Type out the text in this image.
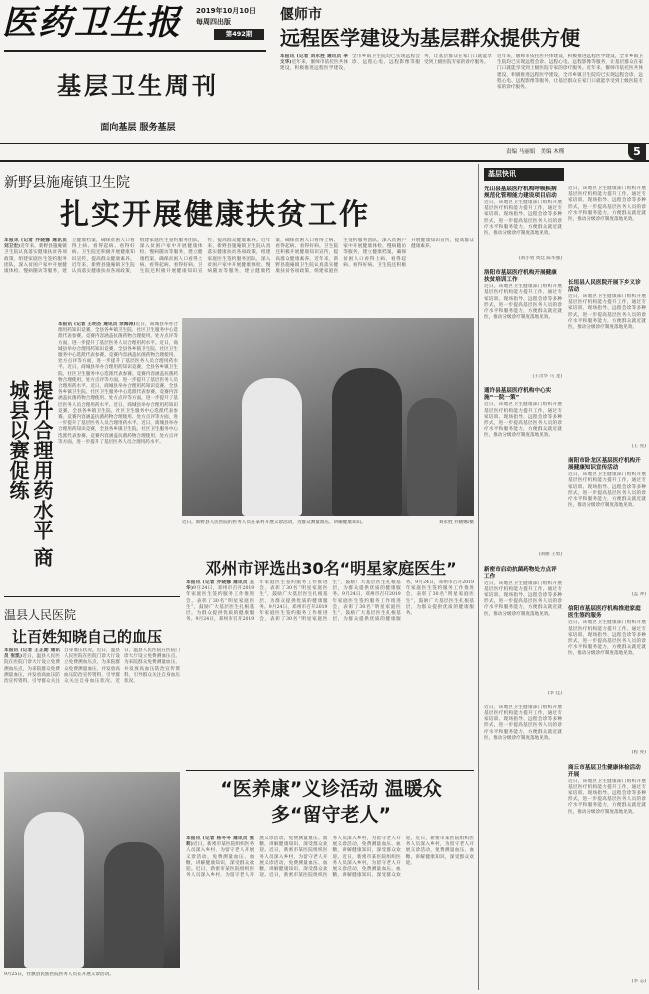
医药卫生报	2019年10月10日
每周四出版
第492期
基层卫生周刊
面向基层 服务基层
偃师市
远程医学建设为基层群众提供方便
本报讯 (记者 刘永胜 通讯员 李文华)近年来，偃师市依托医共体建设，积极推进远程医学建设，全市乡镇卫生院均已实现远程会诊、远程心电、远程影像等服务，让基层群众在家门口就能享受到上级医院专家的诊疗服务。
近年来，偃师市依托医共体建设，积极推进远程医学建设，全市乡镇卫生院均已实现远程会诊、远程心电、远程影像等服务，让基层群众在家门口就能享受到上级医院专家的诊疗服务。近年来，偃师市依托医共体建设，积极推进远程医学建设，全市乡镇卫生院均已实现远程会诊、远程心电、远程影像等服务，让基层群众在家门口就能享受到上级医院专家的诊疗服务。
责编 马丽娟 美编 木槿	5
新野县施庵镇卫生院
扎实开展健康扶贫工作
本报讯 (记者 乔晓娜 通讯员 刘卫宏)近年来，新野县施庵镇卫生院认真落实健康扶贫各项政策，组建家庭医生签约服务团队，深入贫困户家中开展健康体检、慢病随访等服务，建立健康档案，确保贫困人口看得上病、看得起病、看得好病。卫生院还积极开展健康知识宣传，提高群众健康素养。近年来，新野县施庵镇卫生院认真落实健康扶贫各项政策，组建家庭医生签约服务团队，深入贫困户家中开展健康体检、慢病随访等服务，建立健康档案，确保贫困人口看得上病、看得起病、看得好病。卫生院还积极开展健康知识宣传，提高群众健康素养。近年来，新野县施庵镇卫生院认真落实健康扶贫各项政策，组建家庭医生签约服务团队，深入贫困户家中开展健康体检、慢病随访等服务，建立健康档案，确保贫困人口看得上病、看得起病、看得好病。卫生院还积极开展健康知识宣传，提高群众健康素养。近年来，新野县施庵镇卫生院认真落实健康扶贫各项政策，组建家庭医生签约服务团队，深入贫困户家中开展健康体检、慢病随访等服务，建立健康档案，确保贫困人口看得上病、看得起病、看得好病。卫生院还积极开展健康知识宣传，提高群众健康素养。
提升合理用药水平 商城县以赛促练
本报讯 (记者 王明杰 通讯员 余海涛)近日，商城县举办合理用药知识竞赛，全县各乡镇卫生院、社区卫生服务中心选派代表参赛。竞赛内容涵盖抗菌药物合理使用、处方点评等方面，进一步提升了基层医务人员合理用药水平。近日，商城县举办合理用药知识竞赛，全县各乡镇卫生院、社区卫生服务中心选派代表参赛。竞赛内容涵盖抗菌药物合理使用、处方点评等方面，进一步提升了基层医务人员合理用药水平。近日，商城县举办合理用药知识竞赛，全县各乡镇卫生院、社区卫生服务中心选派代表参赛。竞赛内容涵盖抗菌药物合理使用、处方点评等方面，进一步提升了基层医务人员合理用药水平。近日，商城县举办合理用药知识竞赛，全县各乡镇卫生院、社区卫生服务中心选派代表参赛。竞赛内容涵盖抗菌药物合理使用、处方点评等方面，进一步提升了基层医务人员合理用药水平。近日，商城县举办合理用药知识竞赛，全县各乡镇卫生院、社区卫生服务中心选派代表参赛。竞赛内容涵盖抗菌药物合理使用、处方点评等方面，进一步提升了基层医务人员合理用药水平。近日，商城县举办合理用药知识竞赛，全县各乡镇卫生院、社区卫生服务中心选派代表参赛。竞赛内容涵盖抗菌药物合理使用、处方点评等方面，进一步提升了基层医务人员合理用药水平。
近日，新野县人民医院的医务人员在某村开展义诊活动，为群众测量血压、讲解健康知识。	刘永胜 乔晓娜/摄
邓州市评选出30名“明星家庭医生”
本报讯 (记者 乔晓娜 通讯员 王 华)9月24日，邓州市召开2019年家庭医生签约服务工作推进会，表彰了30名“明星家庭医生”，鼓励广大基层医生扎根基层，为群众提供优质的健康服务。9月24日，邓州市召开2019年家庭医生签约服务工作推进会，表彰了30名“明星家庭医生”，鼓励广大基层医生扎根基层，为群众提供优质的健康服务。9月24日，邓州市召开2019年家庭医生签约服务工作推进会，表彰了30名“明星家庭医生”，鼓励广大基层医生扎根基层，为群众提供优质的健康服务。9月24日，邓州市召开2019年家庭医生签约服务工作推进会，表彰了30名“明星家庭医生”，鼓励广大基层医生扎根基层，为群众提供优质的健康服务。9月24日，邓州市召开2019年家庭医生签约服务工作推进会，表彰了30名“明星家庭医生”，鼓励广大基层医生扎根基层，为群众提供优质的健康服务。
温县人民医院
让百姓知晓自己的血压
本报讯 (记者 王正勋 通讯员 张凯)近日，温县人民医院在医院门诊大厅设立免费测血压点，为来院群众免费测量血压，并发放高血压防治宣传资料，引导群众关注自身血压状况。近日，温县人民医院在医院门诊大厅设立免费测血压点，为来院群众免费测量血压，并发放高血压防治宣传资料，引导群众关注自身血压状况。近日，温县人民医院在医院门诊大厅设立免费测血压点，为来院群众免费测量血压，并发放高血压防治宣传资料，引导群众关注自身血压状况。
9月25日，社旗县民族医院医务人员在开展义诊活动。
“医养康”义诊活动 温暖众多“留守老人”
本报讯 (记者 杨冬冬 通讯员 张 莉)近日，新密市某医院组织医务人员深入乡村，为留守老人开展义诊活动，免费测量血压、血糖，讲解健康知识，深受群众欢迎。近日，新密市某医院组织医务人员深入乡村，为留守老人开展义诊活动，免费测量血压、血糖，讲解健康知识，深受群众欢迎。近日，新密市某医院组织医务人员深入乡村，为留守老人开展义诊活动，免费测量血压、血糖，讲解健康知识，深受群众欢迎。近日，新密市某医院组织医务人员深入乡村，为留守老人开展义诊活动，免费测量血压、血糖，讲解健康知识，深受群众欢迎。近日，新密市某医院组织医务人员深入乡村，为留守老人开展义诊活动，免费测量血压、血糖，讲解健康知识，深受群众欢迎。近日，新密市某医院组织医务人员深入乡村，为留守老人开展义诊活动，免费测量血压、血糖，讲解健康知识，深受群众欢迎。
基层快讯
光山县基层医疗机构呼吸疾病规范化管理能力建设项目启动
近日，该地区卫生健康部门组织开展基层医疗机构能力提升工作，通过专家培训、现场指导、远程会诊等多种形式，进一步提高基层医务人员的诊疗水平和服务能力，方便群众就近就医，推动分级诊疗制度落地见效。
(刘小勇 黄廷 陈华强)
洛阳市基层医疗机构开展健康扶贫培训工作
近日，该地区卫生健康部门组织开展基层医疗机构能力提升工作，通过专家培训、现场指导、远程会诊等多种形式，进一步提高基层医务人员的诊疗水平和服务能力，方便群众就近就医，推动分级诊疗制度落地见效。
(王奇华 马 龙)
通许县基层医疗机构中心实施“一院一策”
近日，该地区卫生健康部门组织开展基层医疗机构能力提升工作，通过专家培训、现场指导、远程会诊等多种形式，进一步提高基层医务人员的诊疗水平和服务能力，方便群众就近就医，推动分级诊疗制度落地见效。
(刘丽 王勇)
新密市启动抗菌药物处方点评工作
近日，该地区卫生健康部门组织开展基层医疗机构能力提升工作，通过专家培训、现场指导、远程会诊等多种形式，进一步提高基层医务人员的诊疗水平和服务能力，方便群众就近就医，推动分级诊疗制度落地见效。
(李 佳)
近日，该地区卫生健康部门组织开展基层医疗机构能力提升工作，通过专家培训、现场指导、远程会诊等多种形式，进一步提高基层医务人员的诊疗水平和服务能力，方便群众就近就医，推动分级诊疗制度落地见效。
近日，该地区卫生健康部门组织开展基层医疗机构能力提升工作，通过专家培训、现场指导、远程会诊等多种形式，进一步提高基层医务人员的诊疗水平和服务能力，方便群众就近就医，推动分级诊疗制度落地见效。
长垣县人民医院开展下乡义诊活动
近日，该地区卫生健康部门组织开展基层医疗机构能力提升工作，通过专家培训、现场指导、远程会诊等多种形式，进一步提高基层医务人员的诊疗水平和服务能力，方便群众就近就医，推动分级诊疗制度落地见效。
(王 亮)
南阳市卧龙区基层医疗机构开展健康知识宣传活动
近日，该地区卫生健康部门组织开展基层医疗机构能力提升工作，通过专家培训、现场指导、远程会诊等多种形式，进一步提高基层医务人员的诊疗水平和服务能力，方便群众就近就医，推动分级诊疗制度落地见效。
(孟 冲)
信阳市基层医疗机构推进家庭医生签约服务
近日，该地区卫生健康部门组织开展基层医疗机构能力提升工作，通过专家培训、现场指导、远程会诊等多种形式，进一步提高基层医务人员的诊疗水平和服务能力，方便群众就近就医，推动分级诊疗制度落地见效。
(程 亮)
商丘市基层卫生健康体检活动开展
近日，该地区卫生健康部门组织开展基层医疗机构能力提升工作，通过专家培训、现场指导、远程会诊等多种形式，进一步提高基层医务人员的诊疗水平和服务能力，方便群众就近就医，推动分级诊疗制度落地见效。
(李 志)
